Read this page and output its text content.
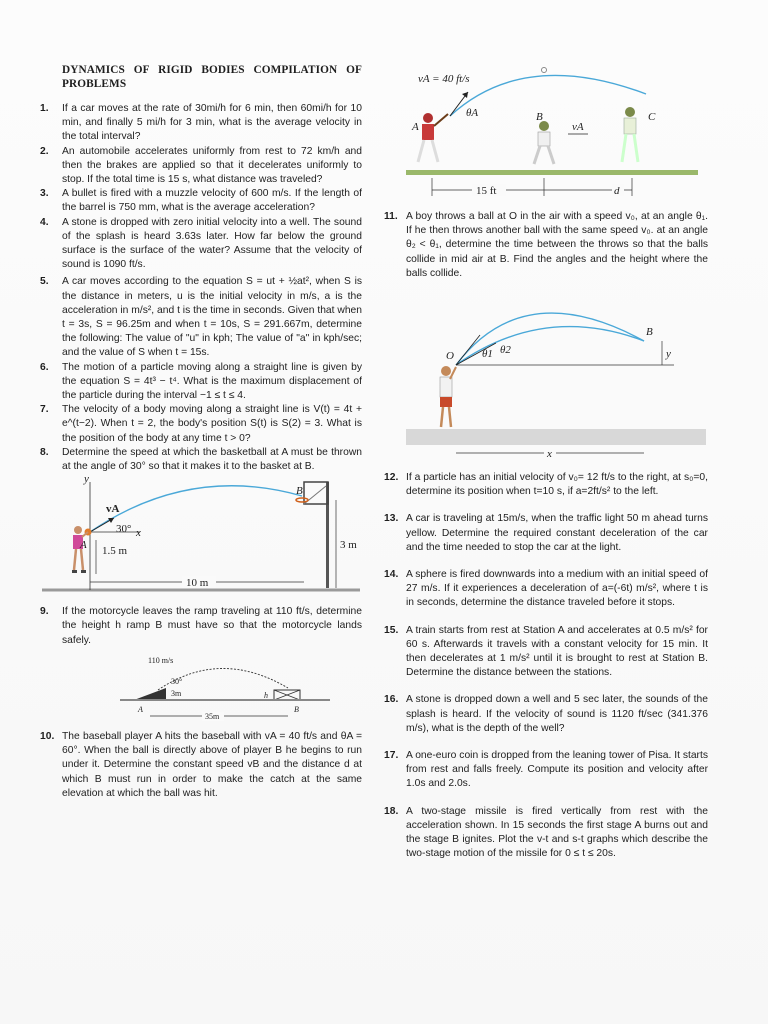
DYNAMICS OF RIGID BODIES COMPILATION OF PROBLEMS
1.	If a car moves at the rate of 30mi/h for 6 min, then 60mi/h for 10 min, and finally 5 mi/h for 3 min, what is the average velocity in the total interval?
2.	An automobile accelerates uniformly from rest to 72 km/h and then the brakes are applied so that it decelerates uniformly to stop. If the total time is 15 s, what distance was traveled?
3.	A bullet is fired with a muzzle velocity of 600 m/s. If the length of the barrel is 750 mm, what is the average acceleration?
4.	A stone is dropped with zero initial velocity into a well. The sound of the splash is heard 3.63s later. How far below the ground surface is the surface of the water? Assume that the velocity of sound is 1090 ft/s.
5.	A car moves according to the equation S = ut + ½at², when S is the distance in meters, u is the initial velocity in m/s, a is the acceleration in m/s², and t is the time in seconds. Given that when t = 3s, S = 96.25m and when t = 10s, S = 291.667m, determine the following: The value of "u" in kph; The value of "a" in kph/sec; and the value of S when t = 15s.
6.	The motion of a particle moving along a straight line is given by the equation S = 4t³ − t⁴. What is the maximum displacement of the particle during the interval −1 ≤ t ≤ 4.
7.	The velocity of a body moving along a straight line is V(t) = 4t + e^(t−2). When t = 2, the body's position S(t) is S(2) = 3. What is the position of the body at any time t > 0?
8.	Determine the speed at which the basketball at A must be thrown at the angle of 30° so that it makes it to the basket at B.
y
x
vA
30°
A 1.5 m
B
3 m
10 m
9.	If the motorcycle leaves the ramp traveling at 110 ft/s, determine the height h ramp B must have so that the motorcycle lands safely.
110 m/s
30°
3m	h
A	B
35m
10. The baseball player A hits the baseball with vA = 40 ft/s and θA = 60°. When the ball is directly above of player B he begins to run under it. Determine the constant speed vB and the distance d at which B must run in order to make the catch at the same elevation at which the ball was hit.
vA = 40 ft/s
θA
A
B
vA
C
15 ft	d
11. A boy throws a ball at O in the air with a speed v₀, at an angle θ₁. If he then throws another ball with the same speed v₀. at an angle θ₂ < θ₁, determine the time between the throws so that the balls collide in mid air at B. Find the angles and the height where the balls collide.
O	θ1 θ2
B
y
x
12. If a particle has an initial velocity of v₀= 12 ft/s to the right, at s₀=0, determine its position when t=10 s, if a=2ft/s² to the left.
13. A car is traveling at 15m/s, when the traffic light 50 m ahead turns yellow. Determine the required constant deceleration of the car and the time needed to stop the car at the light.
14. A sphere is fired downwards into a medium with an initial speed of 27 m/s. If it experiences a deceleration of a=(-6t) m/s², where t is in seconds, determine the distance traveled before it stops.
15. A train starts from rest at Station A and accelerates at 0.5 m/s² for 60 s. Afterwards it travels with a constant velocity for 15 min. It then decelerates at 1 m/s² until it is brought to rest at Station B. Determine the distance between the stations.
16. A stone is dropped down a well and 5 sec later, the sounds of the splash is heard. If the velocity of sound is 1120 ft/sec (341.376 m/s), what is the depth of the well?
17. A one-euro coin is dropped from the leaning tower of Pisa. It starts from rest and falls freely. Compute its position and velocity after 1.0s and 2.0s.
18. A two-stage missile is fired vertically from rest with the acceleration shown. In 15 seconds the first stage A burns out and the stage B ignites. Plot the v-t and s-t graphs which describe the two-stage motion of the missile for 0 ≤ t ≤ 20s.
